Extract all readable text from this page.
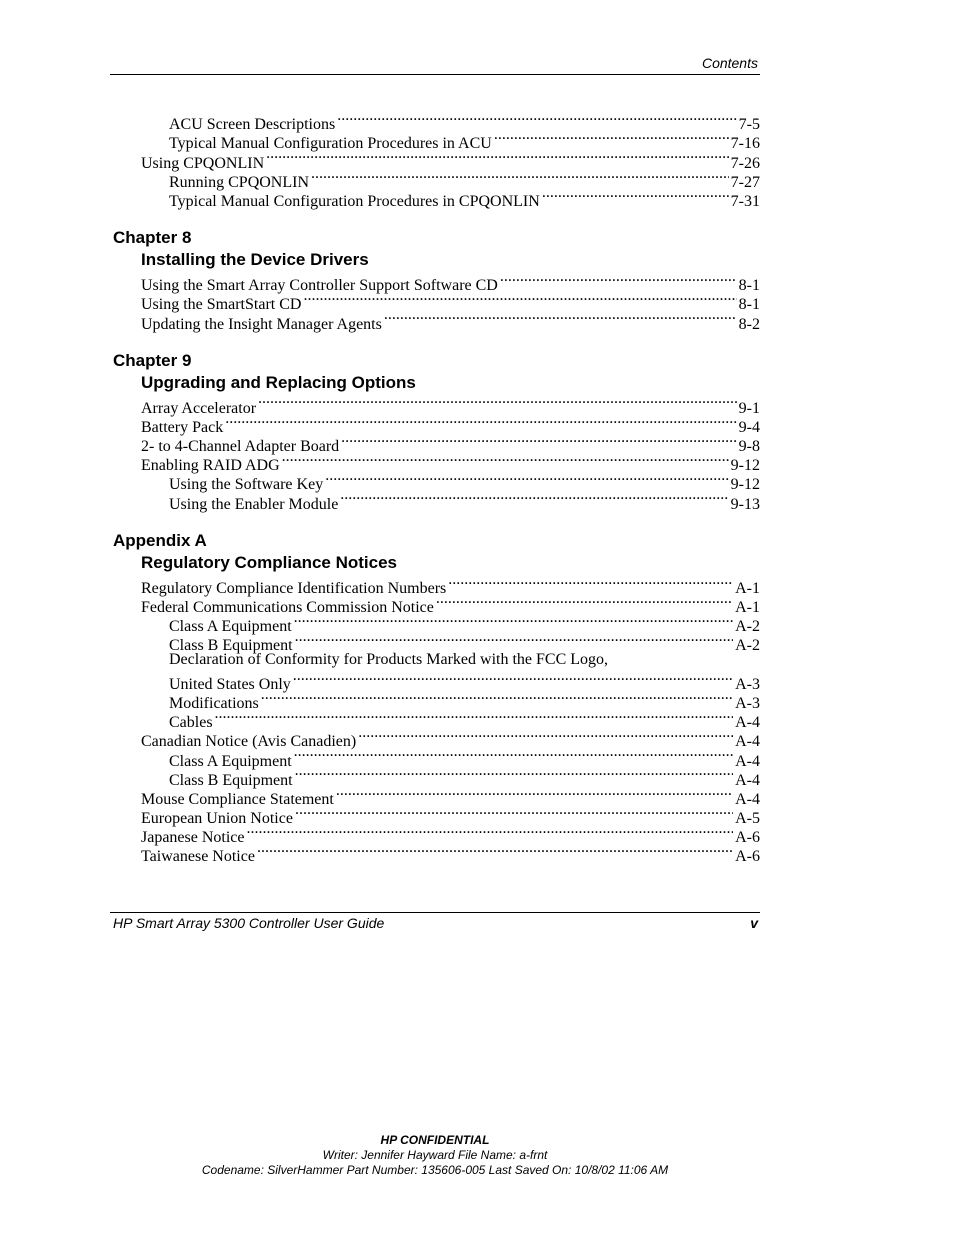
Contents
ACU Screen Descriptions .....	7-5
Typical Manual Configuration Procedures in ACU .....	7-16
Using CPQONLIN .....	7-26
Running CPQONLIN .....	7-27
Typical Manual Configuration Procedures in CPQONLIN .....	7-31
Chapter 8
Installing the Device Drivers
Using the Smart Array Controller Support Software CD .....	8-1
Using the SmartStart CD .....	8-1
Updating the Insight Manager Agents .....	8-2
Chapter 9
Upgrading and Replacing Options
Array Accelerator .....	9-1
Battery Pack .....	9-4
2- to 4-Channel Adapter Board .....	9-8
Enabling RAID ADG .....	9-12
Using the Software Key .....	9-12
Using the Enabler Module .....	9-13
Appendix A
Regulatory Compliance Notices
Regulatory Compliance Identification Numbers .....	A-1
Federal Communications Commission Notice .....	A-1
Class A Equipment .....	A-2
Class B Equipment .....	A-2
Declaration of Conformity for Products Marked with the FCC Logo,
United States Only .....	A-3
Modifications .....	A-3
Cables .....	A-4
Canadian Notice (Avis Canadien) .....	A-4
Class A Equipment .....	A-4
Class B Equipment .....	A-4
Mouse Compliance Statement .....	A-4
European Union Notice .....	A-5
Japanese Notice .....	A-6
Taiwanese Notice .....	A-6
HP Smart Array 5300 Controller User Guide	v
HP CONFIDENTIAL
Writer: Jennifer Hayward File Name: a-frnt
Codename: SilverHammer Part Number: 135606-005 Last Saved On: 10/8/02 11:06 AM
